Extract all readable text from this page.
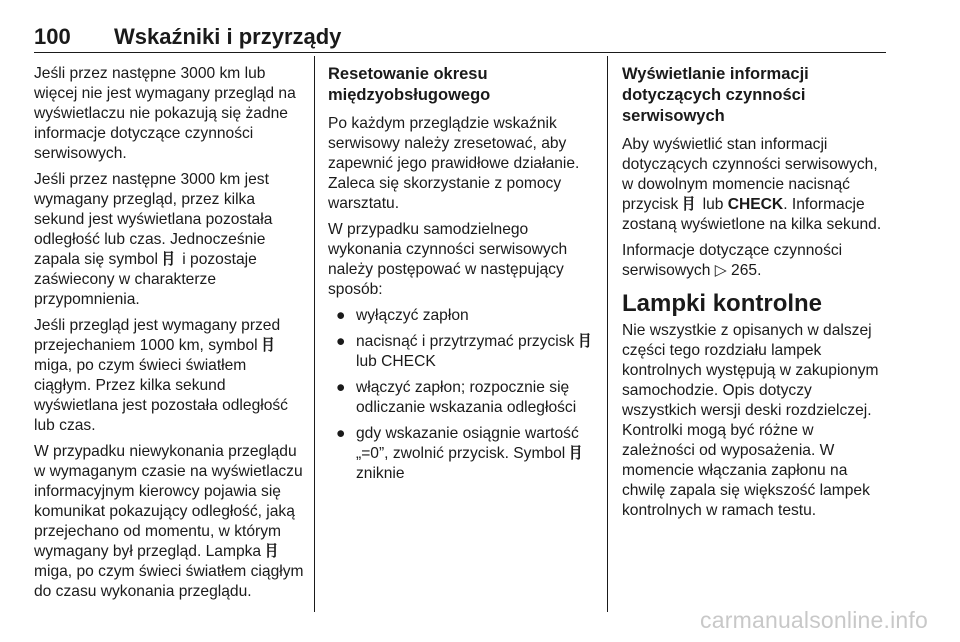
100 Wskaźniki i przyrządy

Jeśli przez następne 3000 km lub więcej nie jest wymagany przegląd na wyświetlaczu nie pokazują się żadne informacje dotyczące czynności serwisowych.

Jeśli przez następne 3000 km jest wymagany przegląd, przez kilka sekund jest wyświetlana pozostała odległość lub czas. Jednocześnie zapala się symbol ⺝ i pozostaje zaświecony w charakterze przypomnienia.

Jeśli przegląd jest wymagany przed przejechaniem 1000 km, symbol ⺝ miga, po czym świeci światłem ciągłym. Przez kilka sekund wyświetlana jest pozostała odległość lub czas.

W przypadku niewykonania przeglądu w wymaganym czasie na wyświetlaczu informacyjnym kierowcy pojawia się komunikat pokazujący odległość, jaką przejechano od momentu, w którym wymagany był przegląd. Lampka ⺝ miga, po czym świeci światłem ciągłym do czasu wykonania przeglądu.

Resetowanie okresu międzyobsługowego

Po każdym przeglądzie wskaźnik serwisowy należy zresetować, aby zapewnić jego prawidłowe działanie. Zaleca się skorzystanie z pomocy warsztatu.

W przypadku samodzielnego wykonania czynności serwisowych należy postępować w następujący sposób:

● wyłączyć zapłon
● nacisnąć i przytrzymać przycisk ⺝ lub CHECK
● włączyć zapłon; rozpocznie się odliczanie wskazania odległości
● gdy wskazanie osiągnie wartość „=0”, zwolnić przycisk. Symbol ⺝ zniknie
Wyświetlanie informacji dotyczących czynności serwisowych

Aby wyświetlić stan informacji dotyczących czynności serwisowych, w dowolnym momencie nacisnąć przycisk ⺝ lub CHECK. Informacje zostaną wyświetlone na kilka sekund.

Informacje dotyczące czynności serwisowych ▷ 265.

Lampki kontrolne

Nie wszystkie z opisanych w dalszej części tego rozdziału lampek kontrolnych występują w zakupionym samochodzie. Opis dotyczy wszystkich wersji deski rozdzielczej. Kontrolki mogą być różne w zależności od wyposażenia. W momencie włączania zapłonu na chwilę zapala się większość lampek kontrolnych w ramach testu.

carmanualsonline.info
